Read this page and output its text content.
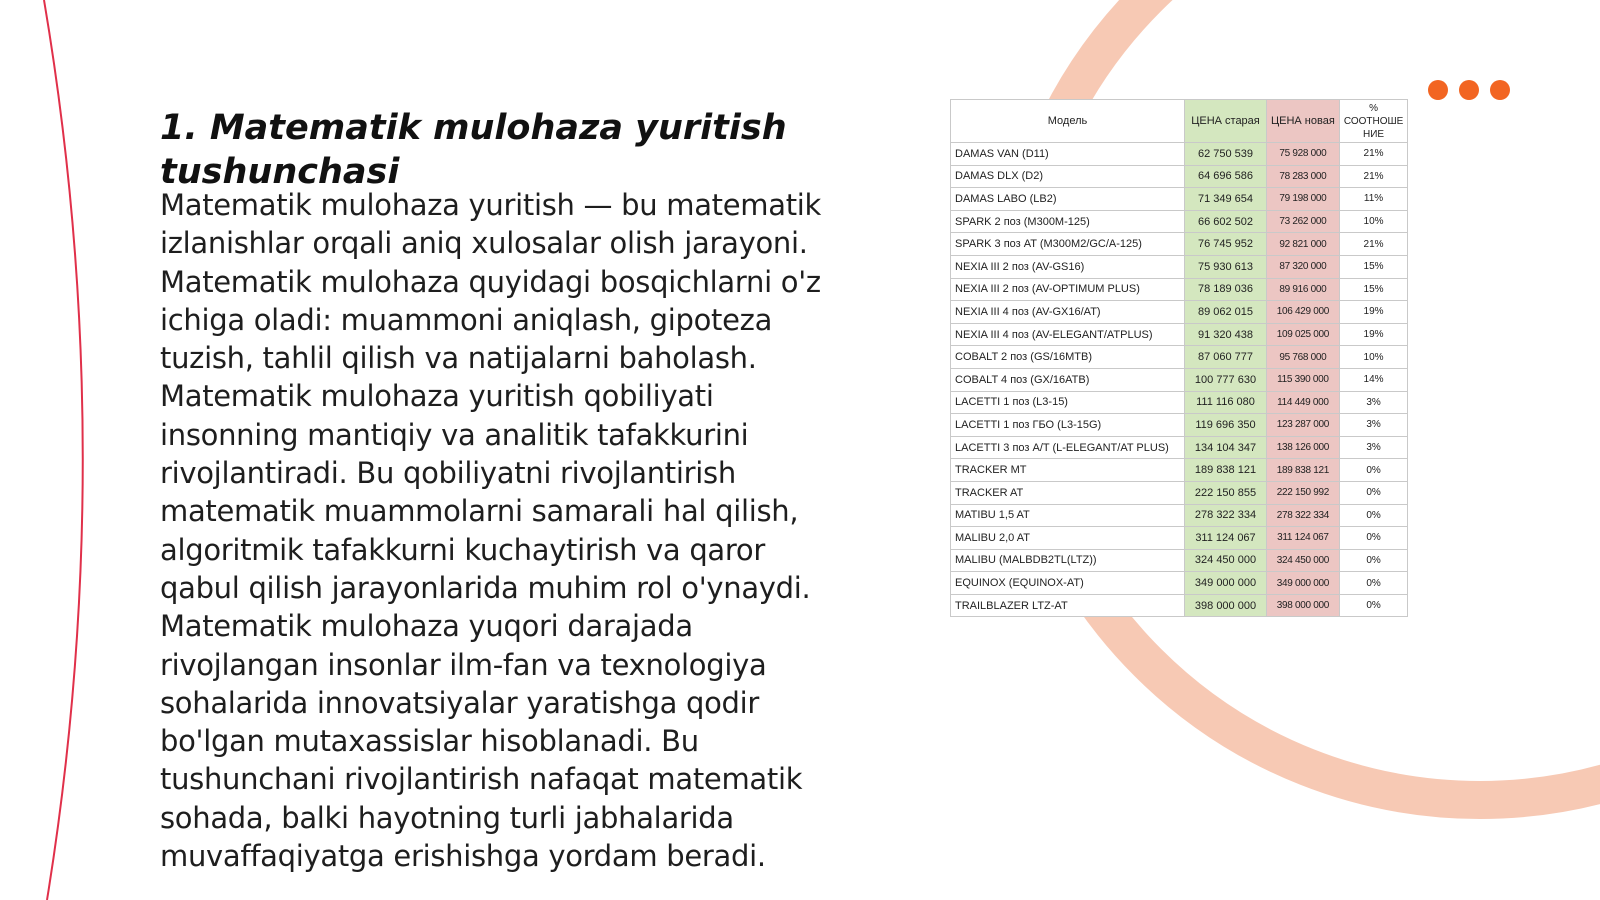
1. Matematik mulohaza yuritish tushunchasi

Matematik mulohaza yuritish — bu matematik izlanishlar orqali aniq xulosalar olish jarayoni. Matematik mulohaza quyidagi bosqichlarni o'z ichiga oladi: muammoni aniqlash, gipoteza tuzish, tahlil qilish va natijalarni baholash. Matematik mulohaza yuritish qobiliyati insonning mantiqiy va analitik tafakkurini rivojlantiradi. Bu qobiliyatni rivojlantirish matematik muammolarni samarali hal qilish, algoritmik tafakkurni kuchaytirish va qaror qabul qilish jarayonlarida muhim rol o'ynaydi. Matematik mulohaza yuqori darajada rivojlangan insonlar ilm-fan va texnologiya sohalarida innovatsiyalar yaratishga qodir bo'lgan mutaxassislar hisoblanadi. Bu tushunchani rivojlantirish nafaqat matematik sohada, balki hayotning turli jabhalarida muvaffaqiyatga erishishga yordam beradi.

Модель	ЦЕНА старая	ЦЕНА новая	% СООТНОШЕ НИЕ
DAMAS VAN (D11)	62 750 539	75 928 000	21%
DAMAS DLX (D2)	64 696 586	78 283 000	21%
DAMAS LABO (LB2)	71 349 654	79 198 000	11%
SPARK 2 поз (M300M-125)	66 602 502	73 262 000	10%
SPARK 3 поз AT (M300M2/GC/A-125)	76 745 952	92 821 000	21%
NEXIA III 2 поз (AV-GS16)	75 930 613	87 320 000	15%
NEXIA III 2 поз (AV-OPTIMUM PLUS)	78 189 036	89 916 000	15%
NEXIA III 4 поз (AV-GX16/AT)	89 062 015	106 429 000	19%
NEXIA III 4 поз (AV-ELEGANT/ATPLUS)	91 320 438	109 025 000	19%
COBALT 2 поз (GS/16MTB)	87 060 777	95 768 000	10%
COBALT 4 поз (GX/16ATB)	100 777 630	115 390 000	14%
LACETTI 1 поз (L3-15)	111 116 080	114 449 000	3%
LACETTI 1 поз ГБО (L3-15G)	119 696 350	123 287 000	3%
LACETTI 3 поз A/T (L-ELEGANT/AT PLUS)	134 104 347	138 126 000	3%
TRACKER MT	189 838 121	189 838 121	0%
TRACKER AT	222 150 855	222 150 992	0%
MATIBU 1,5 AT	278 322 334	278 322 334	0%
MALIBU 2,0 AT	311 124 067	311 124 067	0%
MALIBU (MALBDB2TL(LTZ))	324 450 000	324 450 000	0%
EQUINOX (EQUINOX-AT)	349 000 000	349 000 000	0%
TRAILBLAZER LTZ-AT	398 000 000	398 000 000	0%
